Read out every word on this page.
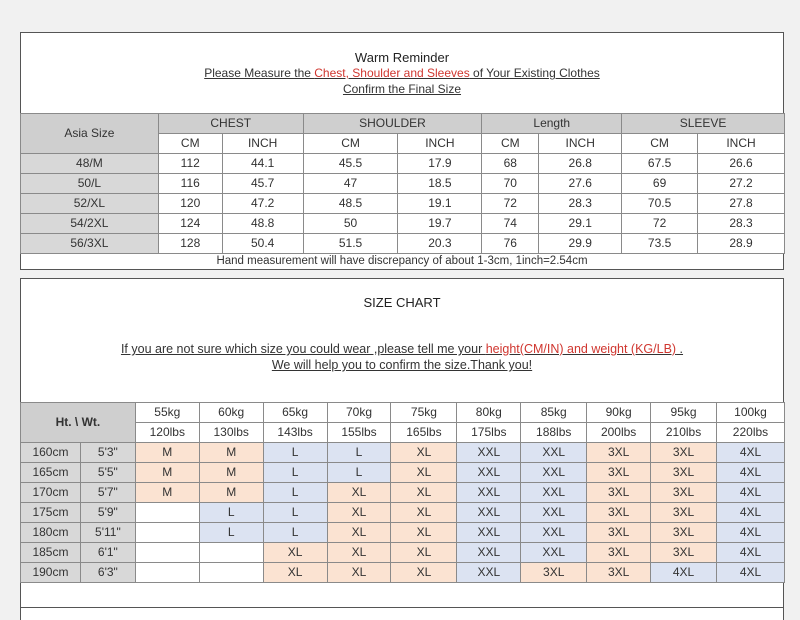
Warm Reminder
Please Measure the Chest, Shoulder and Sleeves of Your Existing Clothes
Confirm the Final Size
Asia Size	CHEST		SHOULDER		Length		SLEEVE	
	CM	INCH	CM	INCH	CM	INCH	CM	INCH
48/M	112	44.1	45.5	17.9	68	26.8	67.5	26.6
50/L	116	45.7	47	18.5	70	27.6	69	27.2
52/XL	120	47.2	48.5	19.1	72	28.3	70.5	27.8
54/2XL	124	48.8	50	19.7	74	29.1	72	28.3
56/3XL	128	50.4	51.5	20.3	76	29.9	73.5	28.9
Hand measurement will have discrepancy of about 1-3cm, 1inch=2.54cm
SIZE CHART
If you are not sure which size you could wear ,please tell me your height(CM/IN) and weight (KG/LB) .
We will help you to confirm the size.Thank you!
Ht. \ Wt.		55kg	60kg	65kg	70kg	75kg	80kg	85kg	90kg	95kg	100kg
		120lbs	130lbs	143lbs	155lbs	165lbs	175lbs	188lbs	200lbs	210lbs	220lbs
160cm	5'3"	M	M	L	L	XL	XXL	XXL	3XL	3XL	4XL
165cm	5'5"	M	M	L	L	XL	XXL	XXL	3XL	3XL	4XL
170cm	5'7"	M	M	L	XL	XL	XXL	XXL	3XL	3XL	4XL
175cm	5'9"		L	L	XL	XL	XXL	XXL	3XL	3XL	4XL
180cm	5'11"		L	L	XL	XL	XXL	XXL	3XL	3XL	4XL
185cm	6'1"			XL	XL	XL	XXL	XXL	3XL	3XL	4XL
190cm	6'3"			XL	XL	XL	XXL	3XL	3XL	4XL	4XL
